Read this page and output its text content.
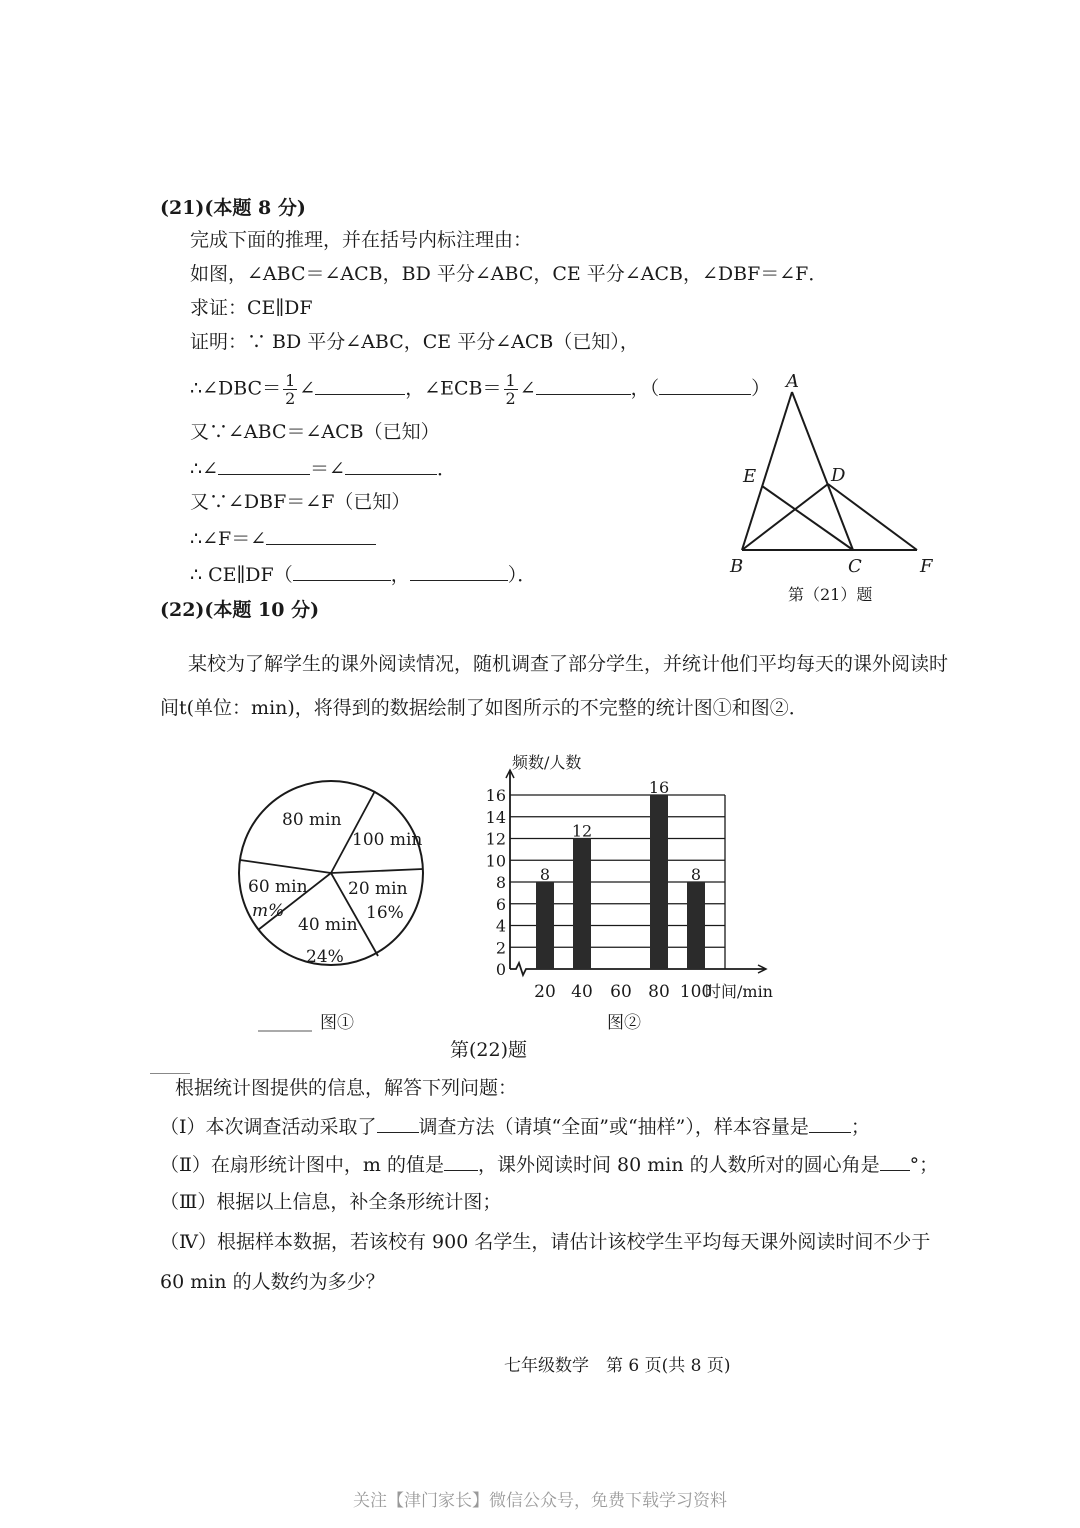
(21)(本题 8 分)
完成下面的推理，并在括号内标注理由：
如图，∠ABC＝∠ACB，BD 平分∠ABC，CE 平分∠ACB，∠DBF＝∠F．
求证：CE∥DF
证明：∵ BD 平分∠ABC，CE 平分∠ACB（已知），
∴∠DBC＝ $\frac{1}{2}$ ∠	，∠ECB＝ $\frac{1}{2}$ ∠	，（	）
又∵∠ABC＝∠ACB（已知）
∴∠	＝∠	．
又∵∠DBF＝∠F（已知）
∴∠F＝∠
∴ CE∥DF（	，	）．
A
B	C
D
E
F
第（21）题
(22)(本题 10 分)
某校为了解学生的课外阅读情况，随机调查了部分学生，并统计他们平均每天的课外阅读时
间t(单位：min)，将得到的数据绘制了如图所示的不完整的统计图①和图②．
80 min
100 min
60 min
m%
20 min
16%
40 min
24%
图①
频数/人数
8
12
16
8
0
2
4
6
8
10
12
14
16
20 40 60 80 100
时间/min
图②
第(22)题
根据统计图提供的信息，解答下列问题：
（Ⅰ）本次调查活动采取了 调查方法（请填“全面”或“抽样”），样本容量是 ；
（Ⅱ）在扇形统计图中，m 的值是 ，课外阅读时间 80 min 的人数所对的圆心角是 °；
（Ⅲ）根据以上信息，补全条形统计图；
（Ⅳ）根据样本数据，若该校有 900 名学生，请估计该校学生平均每天课外阅读时间不少于
60 min 的人数约为多少？
七年级数学　第 6 页(共 8 页)
关注【津门家长】微信公众号，免费下载学习资料
